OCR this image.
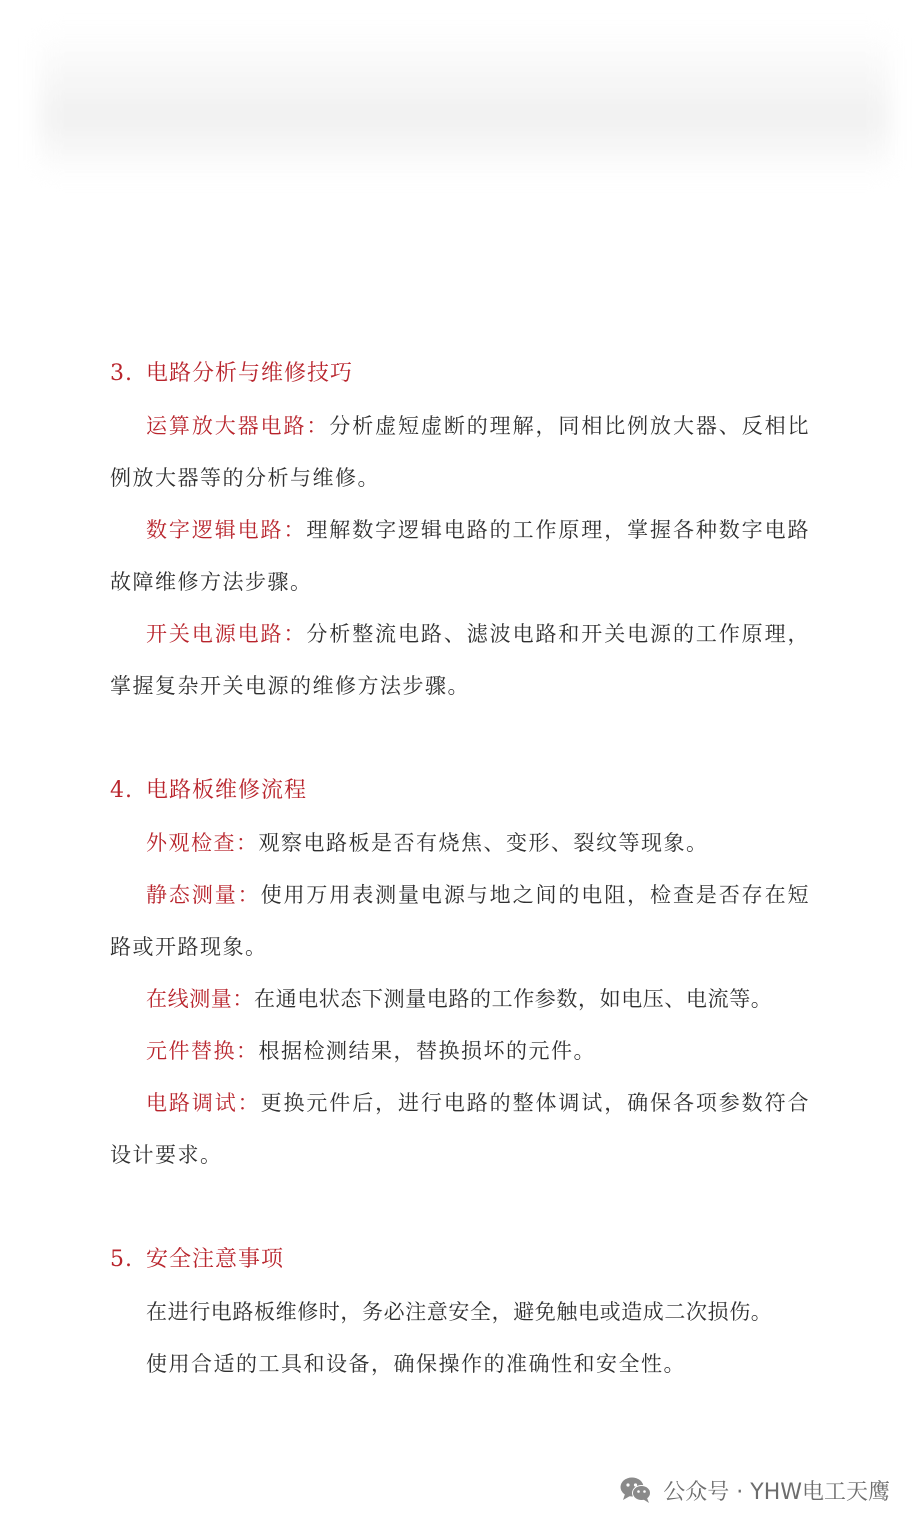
3. 电路分析与维修技巧

运算放大器电路：分析虚短虚断的理解，同相比例放大器、反相比例放大器等的分析与维修。

数字逻辑电路：理解数字逻辑电路的工作原理，掌握各种数字电路故障维修方法步骤。

开关电源电路：分析整流电路、滤波电路和开关电源的工作原理，掌握复杂开关电源的维修方法步骤。

4. 电路板维修流程

外观检查：观察电路板是否有烧焦、变形、裂纹等现象。

静态测量：使用万用表测量电源与地之间的电阻，检查是否存在短路或开路现象。

在线测量：在通电状态下测量电路的工作参数，如电压、电流等。

元件替换：根据检测结果，替换损坏的元件。

电路调试：更换元件后，进行电路的整体调试，确保各项参数符合设计要求。

5. 安全注意事项

在进行电路板维修时，务必注意安全，避免触电或造成二次损伤。

使用合适的工具和设备，确保操作的准确性和安全性。

公众号 · YHW电工天鹰
